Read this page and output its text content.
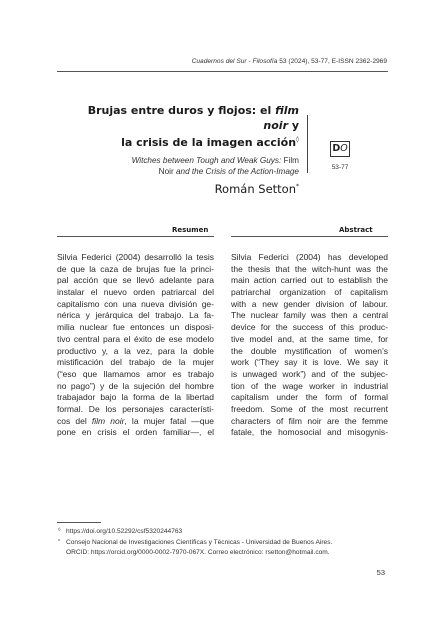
Cuadernos del Sur - Filosofía 53 (2024), 53-77, E-ISSN 2362-2969
Brujas entre duros y flojos: el film noir y
la crisis de la imagen acción◊
Witches between Tough and Weak Guys: Film
Noir and the Crisis of the Action-Image
Román Setton*
DO
53-77
Resumen	Abstract
Silvia Federici (2004) desarrolló la tesis
de que la caza de brujas fue la princi-
pal acción que se llevó adelante para
instalar el nuevo orden patriarcal del
capitalismo con una nueva división ge-
nérica y jerárquica del trabajo. La fa-
milia nuclear fue entonces un disposi-
tivo central para el éxito de ese modelo
productivo y, a la vez, para la doble
mistificación del trabajo de la mujer
(“eso que llamamos amor es trabajo
no pago”) y de la sujeción del hombre
trabajador bajo la forma de la libertad
formal. De los personajes característi-
cos del film noir, la mujer fatal —que
pone en crisis el orden familiar—, el
Silvia Federici (2004) has developed
the thesis that the witch-hunt was the
main action carried out to establish the
patriarchal organization of capitalism
with a new gender division of labour.
The nuclear family was then a central
device for the success of this produc-
tive model and, at the same time, for
the double mystification of women’s
work (“They say it is love. We say it
is unwaged work”) and of the subjec-
tion of the wage worker in industrial
capitalism under the form of formal
freedom. Some of the most recurrent
characters of film noir are the femme
fatale, the homosocial and misogynis-
◊ https://doi.org/10.52292/csf5320244763
* Consejo Nacional de Investigaciones Científicas y Técnicas - Universidad de Buenos Aires.
ORCID: https://orcid.org/0000-0002-7970-067X. Correo electrónico: rsetton@hotmail.com.
53
